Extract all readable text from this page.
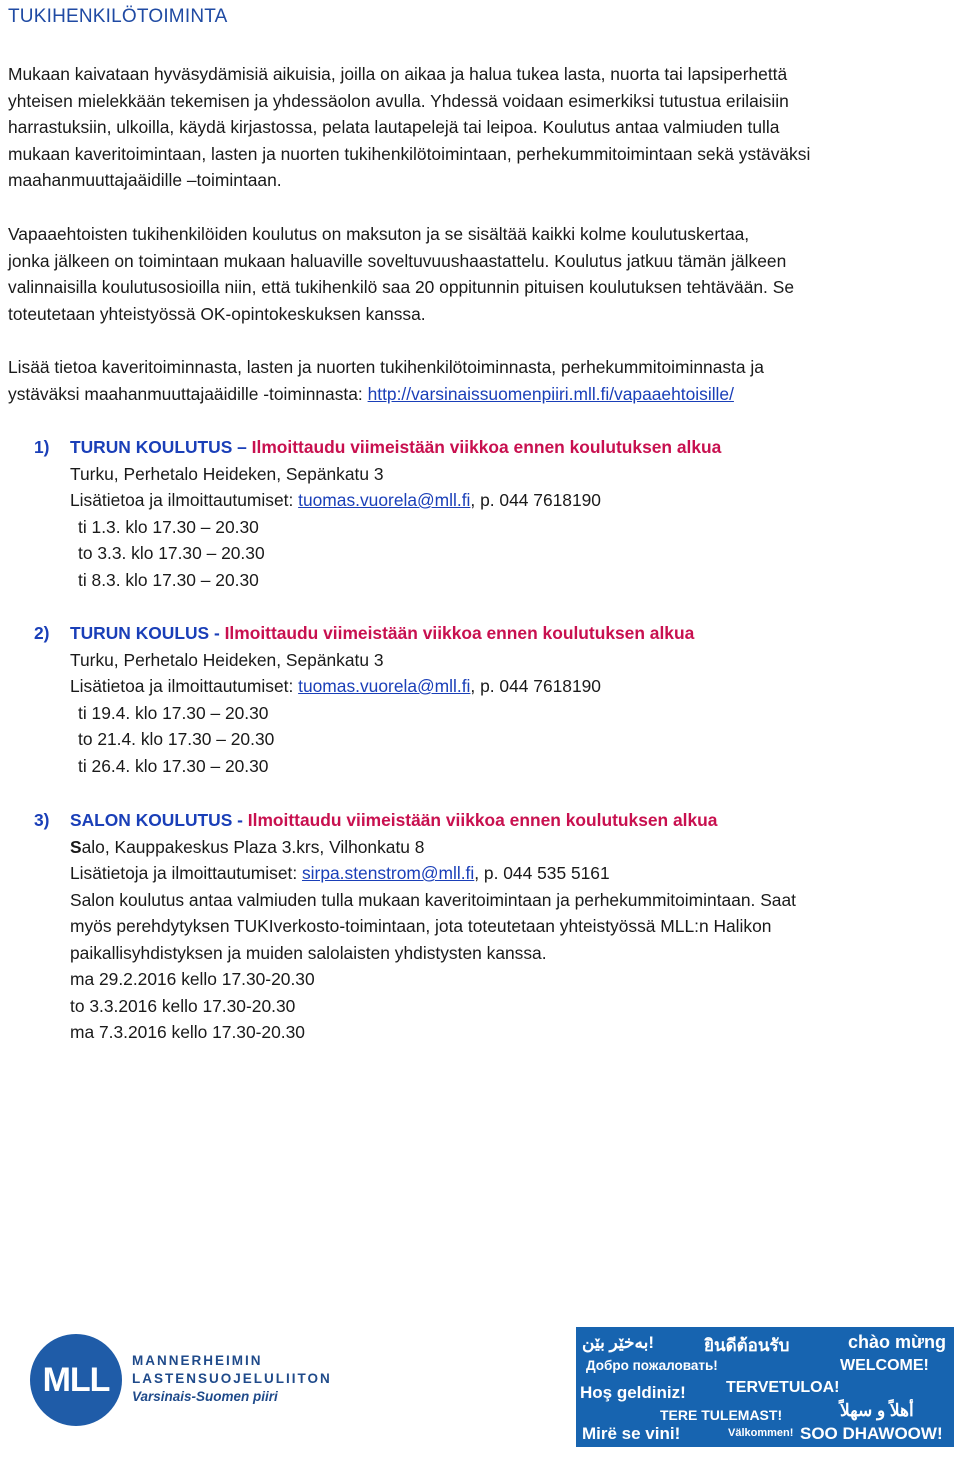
TUKIHENKILÖTOIMINTA

Mukaan kaivataan hyväsydämisiä aikuisia, joilla on aikaa ja halua tukea lasta, nuorta tai lapsiperhettä

yhteisen mielekkään tekemisen ja yhdessäolon avulla. Yhdessä voidaan esimerkiksi tutustua erilaisiin

harrastuksiin, ulkoilla, käydä kirjastossa, pelata lautapelejä tai leipoa. Koulutus antaa valmiuden tulla

mukaan kaveritoimintaan, lasten ja nuorten tukihenkilötoimintaan, perhekummitoimintaan sekä ystäväksi

maahanmuuttajaäidille –toimintaan.

Vapaaehtoisten tukihenkilöiden koulutus on maksuton ja se sisältää kaikki kolme koulutuskertaa,

jonka jälkeen on toimintaan mukaan haluaville soveltuvuushaastattelu. Koulutus jatkuu tämän jälkeen

valinnaisilla koulutusosioilla niin, että tukihenkilö saa 20 oppitunnin pituisen koulutuksen tehtävään. Se

toteutetaan yhteistyössä OK-opintokeskuksen kanssa.

Lisää tietoa kaveritoiminnasta, lasten ja nuorten tukihenkilötoiminnasta, perhekummitoiminnasta ja

ystäväksi maahanmuuttajaäidille -toiminnasta: http://varsinaissuomenpiiri.mll.fi/vapaaehtoisille/

1) TURUN KOULUTUS – Ilmoittaudu viimeistään viikkoa ennen koulutuksen alkua
Turku, Perhetalo Heideken, Sepänkatu 3
Lisätietoa ja ilmoittautumiset: tuomas.vuorela@mll.fi, p. 044 7618190
ti 1.3. klo 17.30 – 20.30
to 3.3. klo 17.30 – 20.30
ti 8.3. klo 17.30 – 20.30
2) TURUN KOULUS - Ilmoittaudu viimeistään viikkoa ennen koulutuksen alkua
Turku, Perhetalo Heideken, Sepänkatu 3
Lisätietoa ja ilmoittautumiset: tuomas.vuorela@mll.fi, p. 044 7618190
ti 19.4. klo 17.30 – 20.30
to 21.4. klo 17.30 – 20.30
ti 26.4. klo 17.30 – 20.30
3) SALON KOULUTUS - Ilmoittaudu viimeistään viikkoa ennen koulutuksen alkua
Salo, Kauppakeskus Plaza 3.krs, Vilhonkatu 8
Lisätietoja ja ilmoittautumiset: sirpa.stenstrom@mll.fi, p. 044 535 5161
Salon koulutus antaa valmiuden tulla mukaan kaveritoimintaan ja perhekummitoimintaan. Saat
myös perehdytyksen TUKIverkosto-toimintaan, jota toteutetaan yhteistyössä MLL:n Halikon
paikallisyhdistyksen ja muiden salolaisten yhdistysten kanssa.
ma 29.2.2016 kello 17.30-20.30
to 3.3.2016 kello 17.30-20.30
ma 7.3.2016 kello 17.30-20.30
MLL
MANNERHEIMIN
LASTENSUOJELULIITON
Varsinais-Suomen piiri
بەخێر بێن!	ยินดีต้อนรับ	chào mừng
Добро пожаловать!	WELCOME!
Hoş geldiniz!	TERVETULOA!
TERE TULEMAST!	أهلاً و سهلاً
Mirë se vini!	Välkommen! SOO DHAWOOW!
